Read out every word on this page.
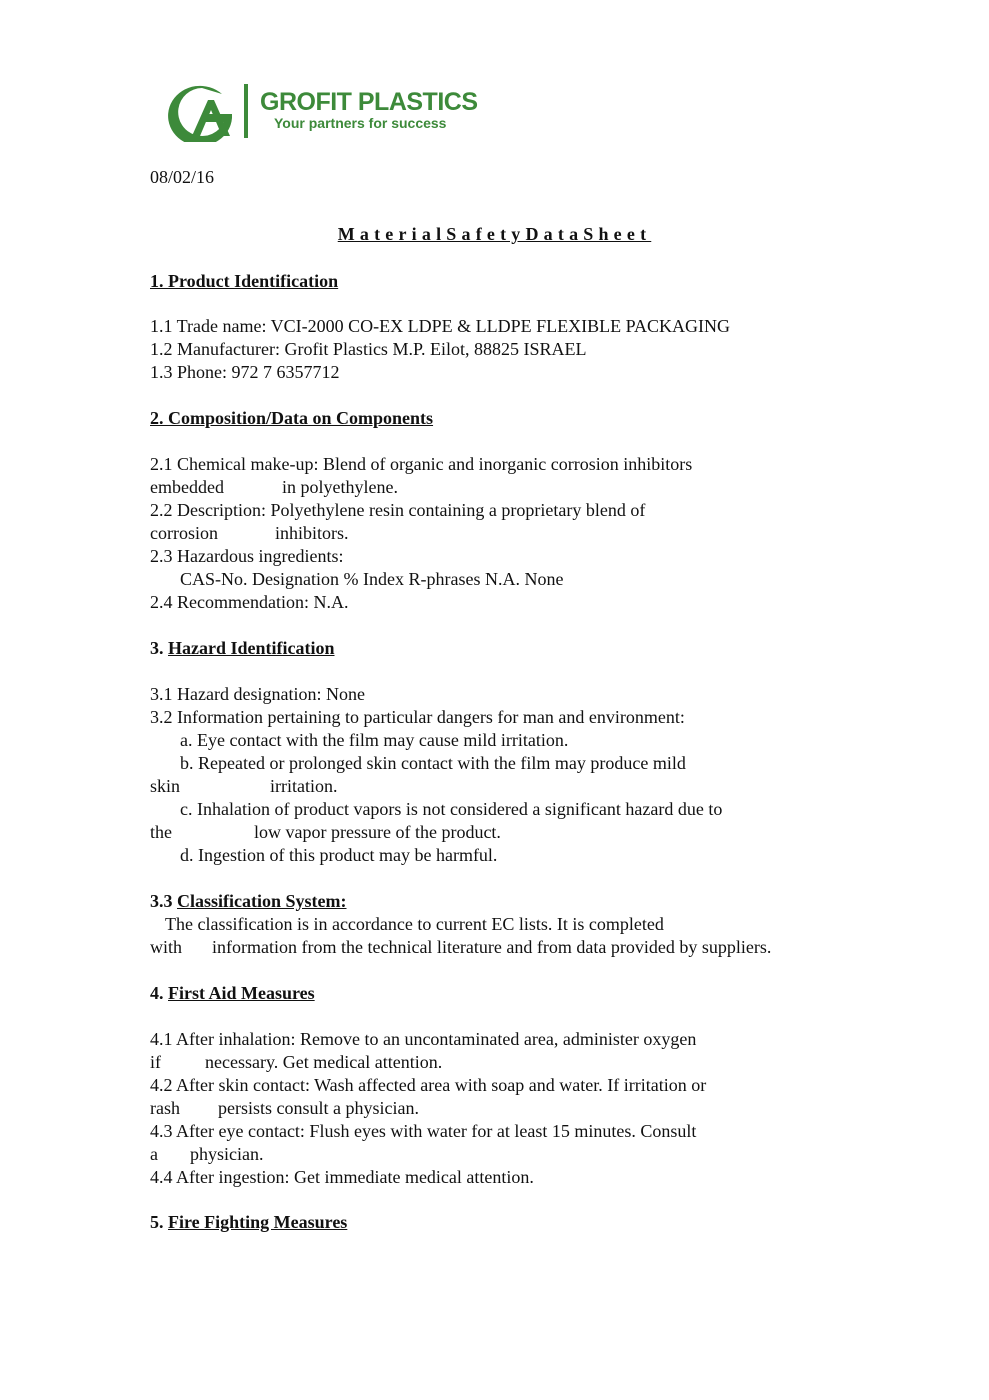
GROFIT PLASTICS
Your partners for success
08/02/16
MaterialSafetyDataSheet
1. Product Identification
1.1 Trade name: VCI-2000 CO-EX LDPE & LLDPE FLEXIBLE PACKAGING
1.2 Manufacturer: Grofit Plastics M.P. Eilot, 88825 ISRAEL
1.3 Phone: 972 7 6357712
2. Composition/Data on Components
2.1 Chemical make-up: Blend of organic and inorganic corrosion inhibitors
embedded	in polyethylene.
2.2 Description: Polyethylene resin containing a proprietary blend of
corrosion	inhibitors.
2.3 Hazardous ingredients:
CAS-No. Designation % Index R-phrases N.A. None
2.4 Recommendation: N.A.
3. Hazard Identification
3.1 Hazard designation: None
3.2 Information pertaining to particular dangers for man and environment:
a. Eye contact with the film may cause mild irritation.
b. Repeated or prolonged skin contact with the film may produce mild
skin	irritation.
c. Inhalation of product vapors is not considered a significant hazard due to
the	low vapor pressure of the product.
d. Ingestion of this product may be harmful.
3.3 Classification System:
The classification is in accordance to current EC lists. It is completed
with information from the technical literature and from data provided by suppliers.
4. First Aid Measures
4.1 After inhalation: Remove to an uncontaminated area, administer oxygen
if necessary. Get medical attention.
4.2 After skin contact: Wash affected area with soap and water. If irritation or
rash persists consult a physician.
4.3 After eye contact: Flush eyes with water for at least 15 minutes. Consult
a physician.
4.4 After ingestion: Get immediate medical attention.
5. Fire Fighting Measures
